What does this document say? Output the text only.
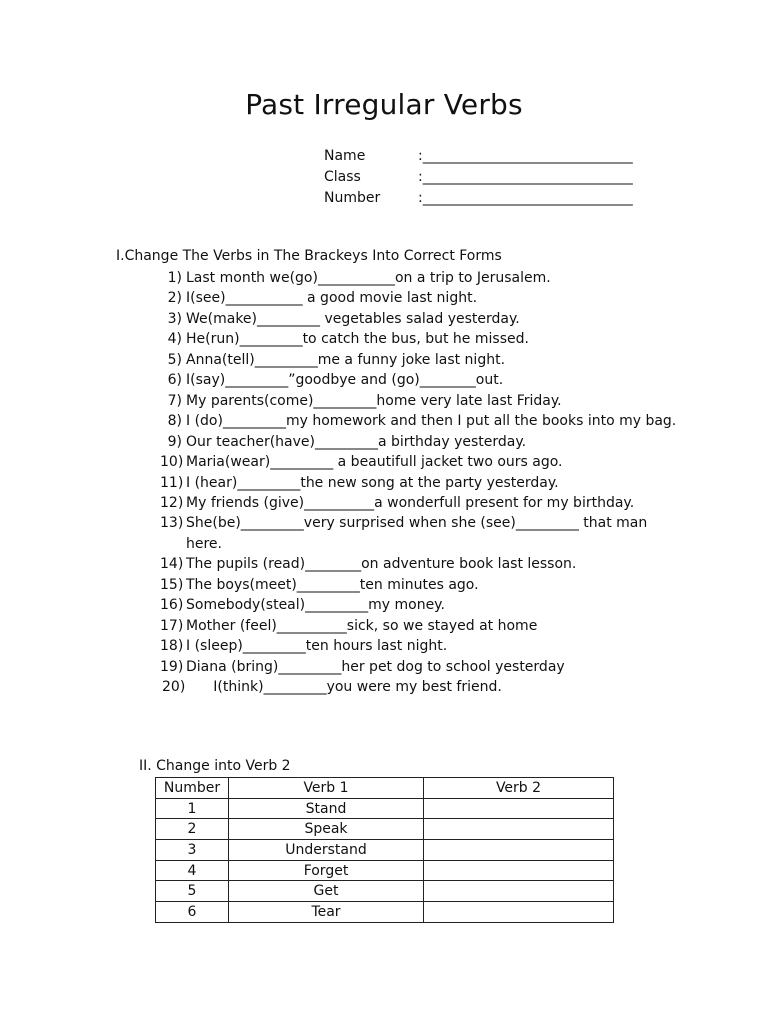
Past Irregular Verbs
Name	:______________________________
Class	:______________________________
Number	:______________________________
I.Change The Verbs in The Brackeys Into Correct Forms
1) Last month we(go)___________on a trip to Jerusalem.
2) I(see)___________ a good movie last night.
3) We(make)_________ vegetables salad yesterday.
4) He(run)_________to catch the bus, but he missed.
5) Anna(tell)_________me a funny joke last night.
6) I(say)_________”goodbye and (go)________out.
7) My parents(come)_________home very late last Friday.
8) I (do)_________my homework and then I put all the books into my bag.
9) Our teacher(have)_________a birthday yesterday.
10) Maria(wear)_________ a beautifull jacket two ours ago.
11) I (hear)_________the new song at the party yesterday.
12) My friends (give)__________a wonderfull present for my birthday.
13) She(be)_________very surprised when she (see)_________ that man here.
14) The pupils (read)________on adventure book last lesson.
15) The boys(meet)_________ten minutes ago.
16) Somebody(steal)_________my money.
17) Mother (feel)__________sick, so we stayed at home
18) I (sleep)_________ten hours last night.
19) Diana (bring)_________her pet dog to school yesterday
20) I(think)_________you were my best friend.
II. Change into Verb 2
Number	Verb 1	Verb 2
1	Stand	
2	Speak	
3	Understand	
4	Forget	
5	Get	
6	Tear	
